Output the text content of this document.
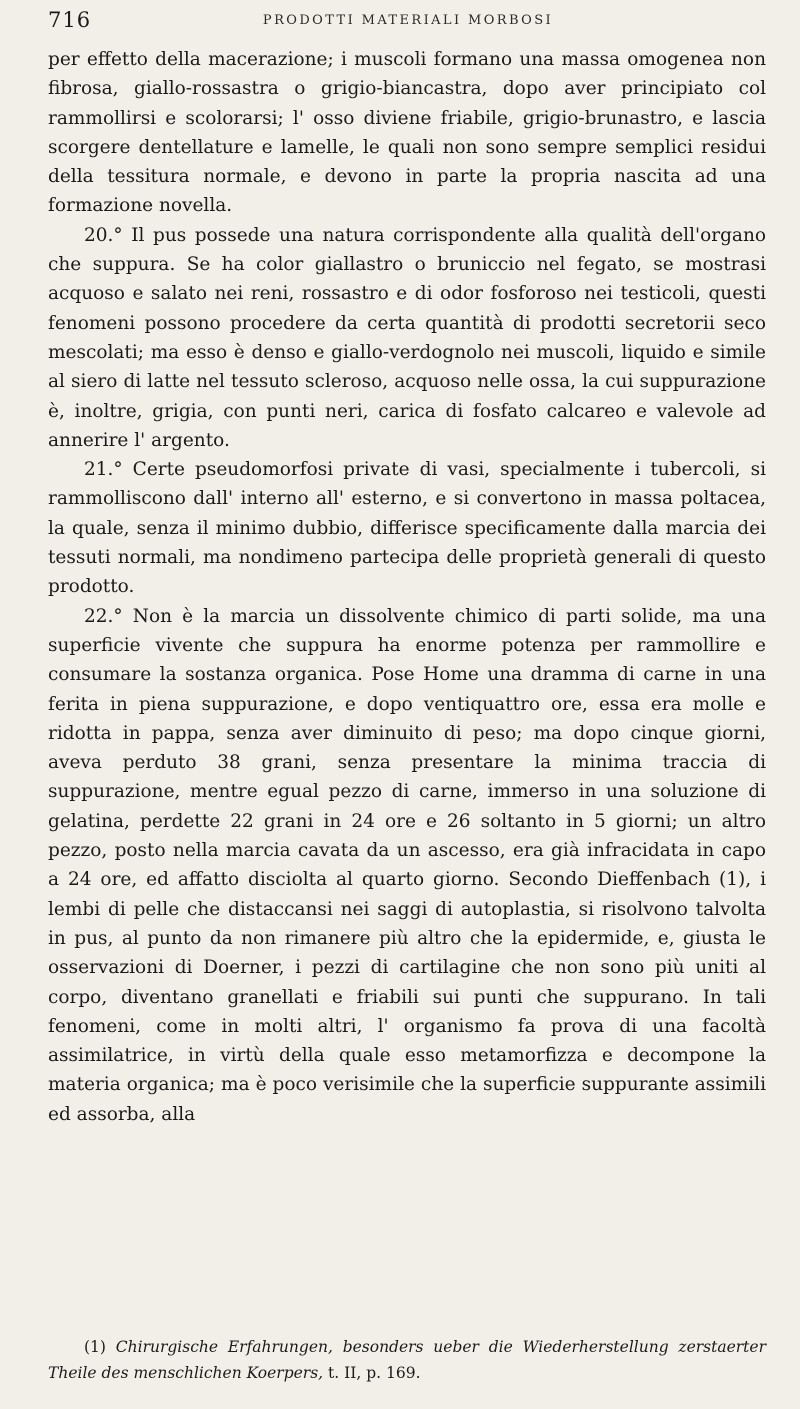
716	PRODOTTI MATERIALI MORBOSI

per effetto della macerazione; i muscoli formano una massa omogenea non fibrosa, giallo-rossastra o grigio-biancastra, dopo aver principiato col rammollirsi e scolorarsi; l' osso diviene friabile, grigio-brunastro, e lascia scorgere dentellature e lamelle, le quali non sono sempre semplici residui della tessitura normale, e devono in parte la propria nascita ad una formazione novella.

20.° Il pus possede una natura corrispondente alla qualità dell'organo che suppura. Se ha color giallastro o bruniccio nel fegato, se mostrasi acquoso e salato nei reni, rossastro e di odor fosforoso nei testicoli, questi fenomeni possono procedere da certa quantità di prodotti secretorii seco mescolati; ma esso è denso e giallo-verdognolo nei muscoli, liquido e simile al siero di latte nel tessuto scleroso, acquoso nelle ossa, la cui suppurazione è, inoltre, grigia, con punti neri, carica di fosfato calcareo e valevole ad annerire l' argento.

21.° Certe pseudomorfosi private di vasi, specialmente i tubercoli, si rammolliscono dall' interno all' esterno, e si convertono in massa poltacea, la quale, senza il minimo dubbio, differisce specificamente dalla marcia dei tessuti normali, ma nondimeno partecipa delle proprietà generali di questo prodotto.

22.° Non è la marcia un dissolvente chimico di parti solide, ma una superficie vivente che suppura ha enorme potenza per rammollire e consumare la sostanza organica. Pose Home una dramma di carne in una ferita in piena suppurazione, e dopo ventiquattro ore, essa era molle e ridotta in pappa, senza aver diminuito di peso; ma dopo cinque giorni, aveva perduto 38 grani, senza presentare la minima traccia di suppurazione, mentre egual pezzo di carne, immerso in una soluzione di gelatina, perdette 22 grani in 24 ore e 26 soltanto in 5 giorni; un altro pezzo, posto nella marcia cavata da un ascesso, era già infracidata in capo a 24 ore, ed affatto disciolta al quarto giorno. Secondo Dieffenbach (1), i lembi di pelle che distaccansi nei saggi di autoplastia, si risolvono talvolta in pus, al punto da non rimanere più altro che la epidermide, e, giusta le osservazioni di Doerner, i pezzi di cartilagine che non sono più uniti al corpo, diventano granellati e friabili sui punti che suppurano. In tali fenomeni, come in molti altri, l' organismo fa prova di una facoltà assimilatrice, in virtù della quale esso metamorfizza e decompone la materia organica; ma è poco verisimile che la superficie suppurante assimili ed assorba, alla

(1) Chirurgische Erfahrungen, besonders ueber die Wiederherstellung zerstaerter Theile des menschlichen Koerpers, t. II, p. 169.
